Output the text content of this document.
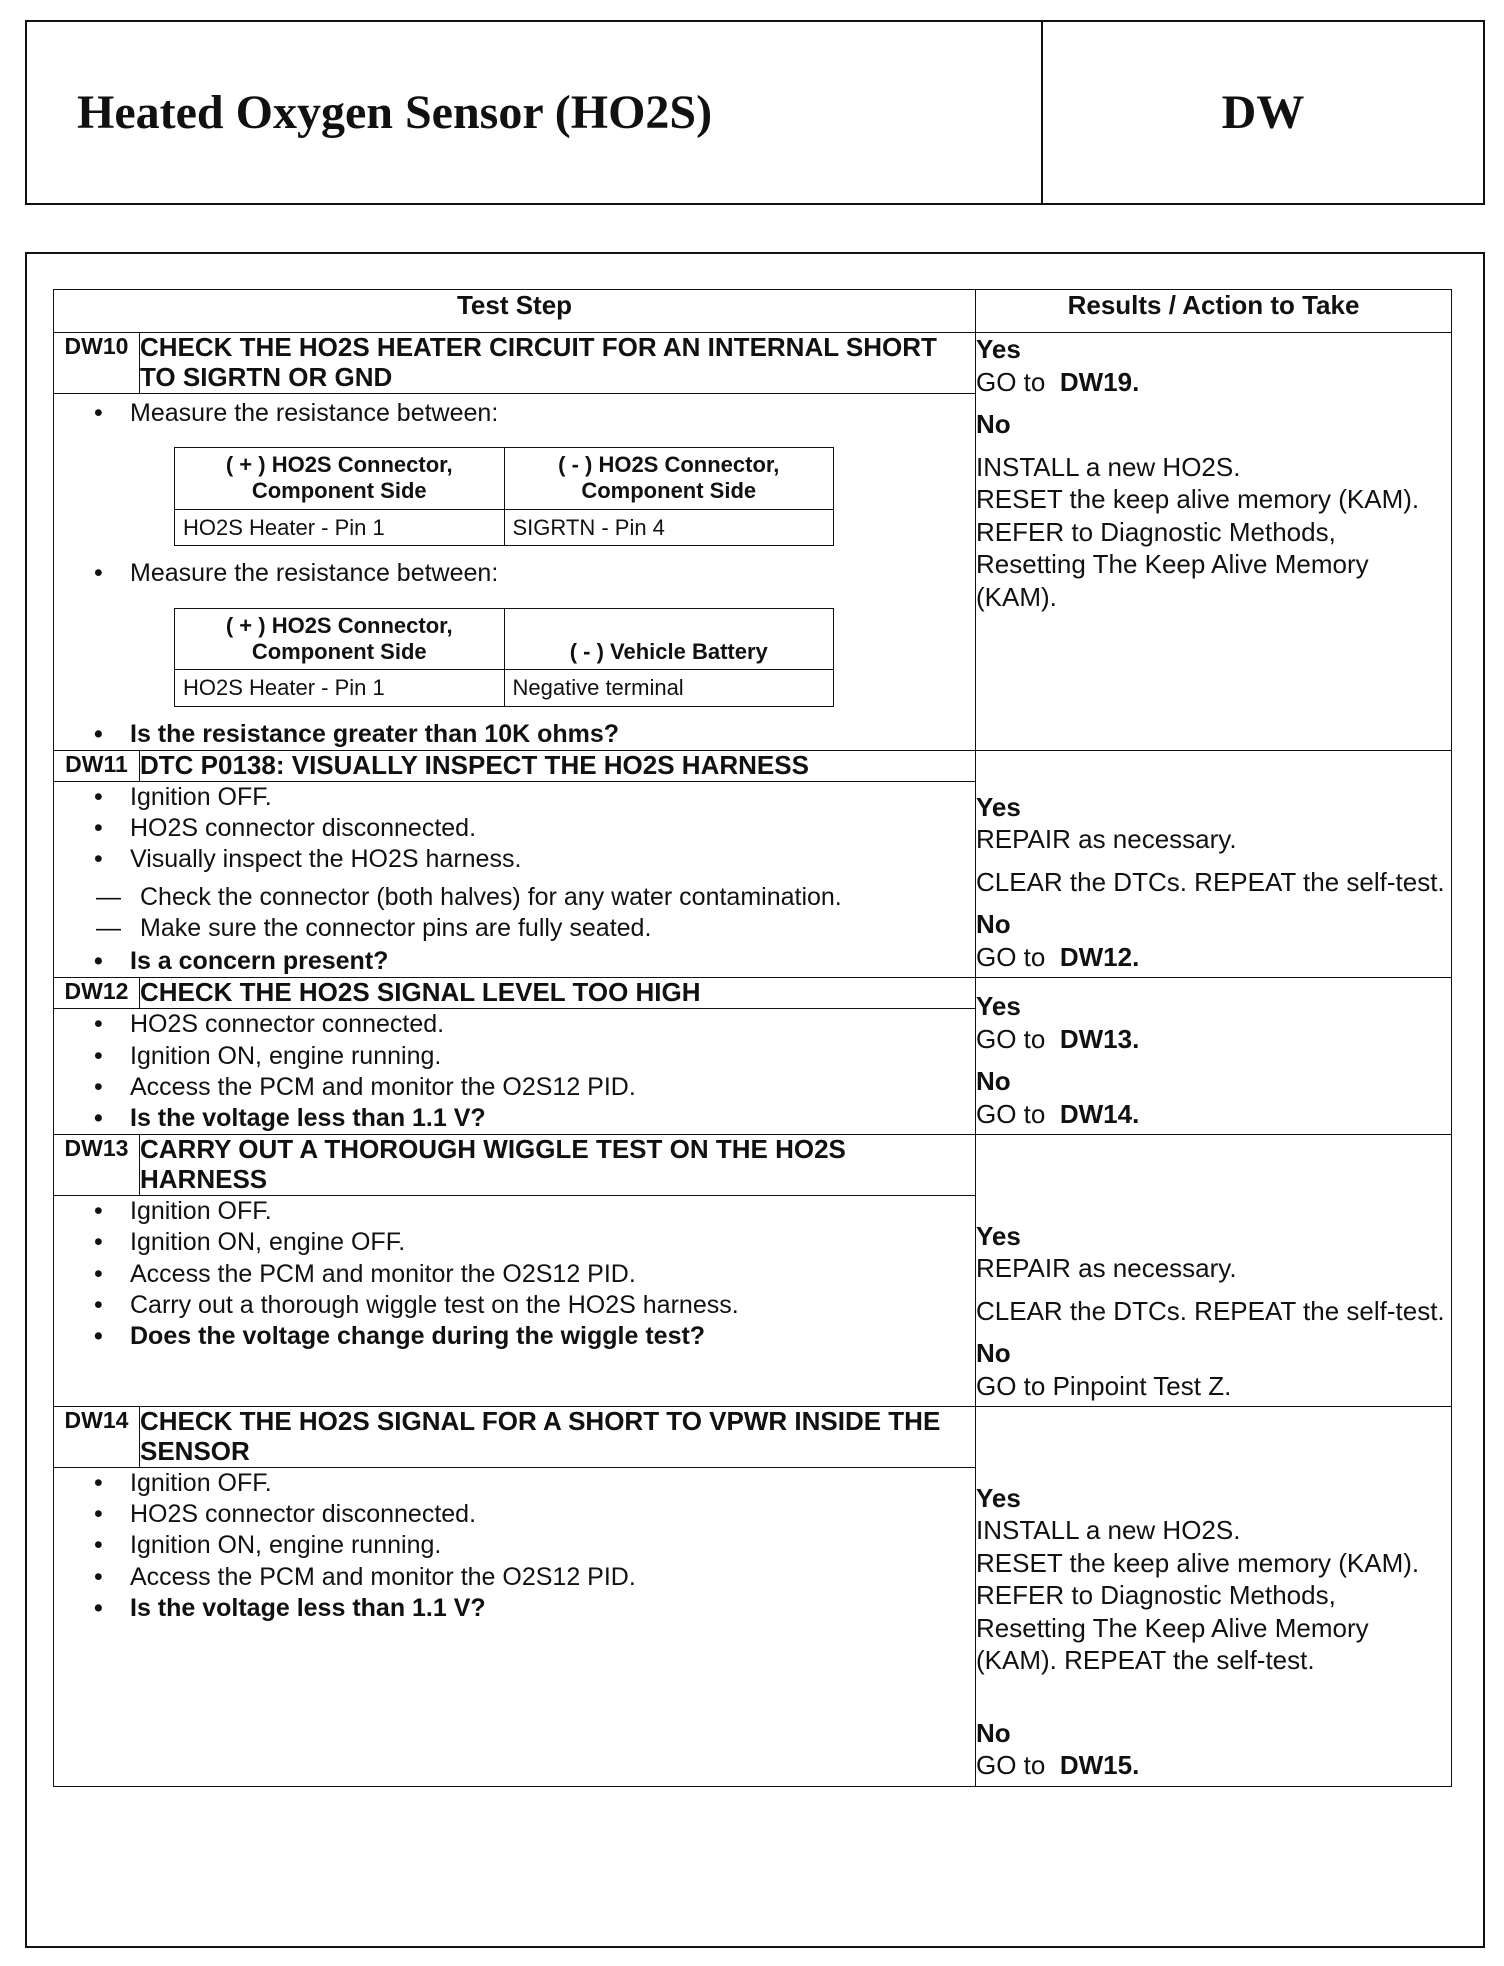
Heated Oxygen Sensor (HO2S)	DW
Test Step	Results / Action to Take
DW10	CHECK THE HO2S HEATER CIRCUIT FOR AN INTERNAL SHORT TO SIGRTN OR GND	
Yes
GO to DW19.
No
INSTALL a new HO2S.
RESET the keep alive memory (KAM). REFER to Diagnostic Methods, Resetting The Keep Alive Memory (KAM).

• Measure the resistance between:
( + ) HO2S Connector, Component Side	( - ) HO2S Connector, Component Side
HO2S Heater - Pin 1	SIGRTN - Pin 4
• Measure the resistance between:
( + ) HO2S Connector, Component Side	( - ) Vehicle Battery
HO2S Heater - Pin 1	Negative terminal
• Is the resistance greater than 10K ohms?

DW11	DTC P0138: VISUALLY INSPECT THE HO2S HARNESS	
Yes
REPAIR as necessary.
CLEAR the DTCs. REPEAT the self-test.
No
GO to DW12.

• Ignition OFF.
• HO2S connector disconnected.
• Visually inspect the HO2S harness.
— Check the connector (both halves) for any water contamination.
— Make sure the connector pins are fully seated.
• Is a concern present?

DW12	CHECK THE HO2S SIGNAL LEVEL TOO HIGH	Yes
GO to DW13.
No
GO to DW14.

• HO2S connector connected.
• Ignition ON, engine running.
• Access the PCM and monitor the O2S12 PID.
• Is the voltage less than 1.1 V?

DW13	CARRY OUT A THOROUGH WIGGLE TEST ON THE HO2S HARNESS	
Yes
REPAIR as necessary.
CLEAR the DTCs. REPEAT the self-test.
No
GO to Pinpoint Test Z.

• Ignition OFF.
• Ignition ON, engine OFF.
• Access the PCM and monitor the O2S12 PID.
• Carry out a thorough wiggle test on the HO2S harness.
• Does the voltage change during the wiggle test?

DW14	CHECK THE HO2S SIGNAL FOR A SHORT TO VPWR INSIDE THE SENSOR	
Yes
INSTALL a new HO2S.
RESET the keep alive memory (KAM). REFER to Diagnostic Methods, Resetting The Keep Alive Memory (KAM). REPEAT the self-test.
No
GO to DW15.

• Ignition OFF.
• HO2S connector disconnected.
• Ignition ON, engine running.
• Access the PCM and monitor the O2S12 PID.
• Is the voltage less than 1.1 V?
